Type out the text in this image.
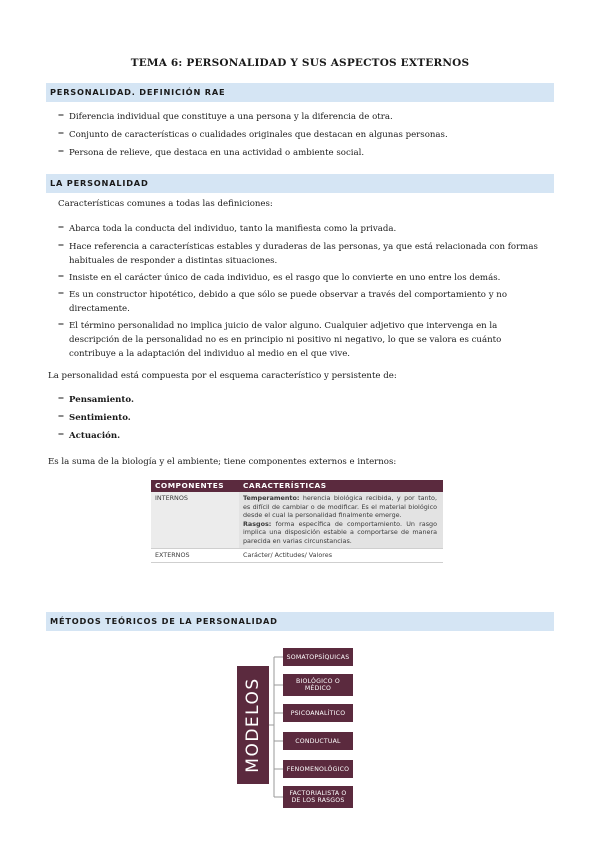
TEMA 6: PERSONALIDAD Y SUS ASPECTOS EXTERNOS
PERSONALIDAD. DEFINICIÓN RAE
‒ Diferencia individual que constituye a una persona y la diferencia de otra.
‒ Conjunto de características o cualidades originales que destacan en algunas personas.
‒ Persona de relieve, que destaca en una actividad o ambiente social.
LA PERSONALIDAD
Características comunes a todas las definiciones:
‒ Abarca toda la conducta del individuo, tanto la manifiesta como la privada.
‒ Hace referencia a características estables y duraderas de las personas, ya que está relacionada con formas habituales de responder a distintas situaciones.
‒ Insiste en el carácter único de cada individuo, es el rasgo que lo convierte en uno entre los demás.
‒ Es un constructor hipotético, debido a que sólo se puede observar a través del comportamiento y no directamente.
‒ El término personalidad no implica juicio de valor alguno. Cualquier adjetivo que intervenga en la descripción de la personalidad no es en principio ni positivo ni negativo, lo que se valora es cuánto contribuye a la adaptación del individuo al medio en el que vive.
La personalidad está compuesta por el esquema característico y persistente de:
‒ Pensamiento.
‒ Sentimiento.
‒ Actuación.
Es la suma de la biología y el ambiente; tiene componentes externos e internos:
COMPONENTES	CARACTERÍSTICAS
INTERNOS	Temperamento: herencia biológica recibida, y por tanto, es difícil de cambiar o de modificar. Es el material biológico desde el cual la personalidad finalmente emerge.
Rasgos: forma específica de comportamiento. Un rasgo implica una disposición estable a comportarse de manera parecida en varias circunstancias.
EXTERNOS	Carácter/ Actitudes/ Valores
MÉTODOS TEÓRICOS DE LA PERSONALIDAD
MODELOS
SOMATOPSÍQUICAS
BIOLÓGICO O MÉDICO
PSICOANALÍTICO
CONDUCTUAL
FENOMENOLÓGICO
FACTORIALISTA O DE LOS RASGOS
